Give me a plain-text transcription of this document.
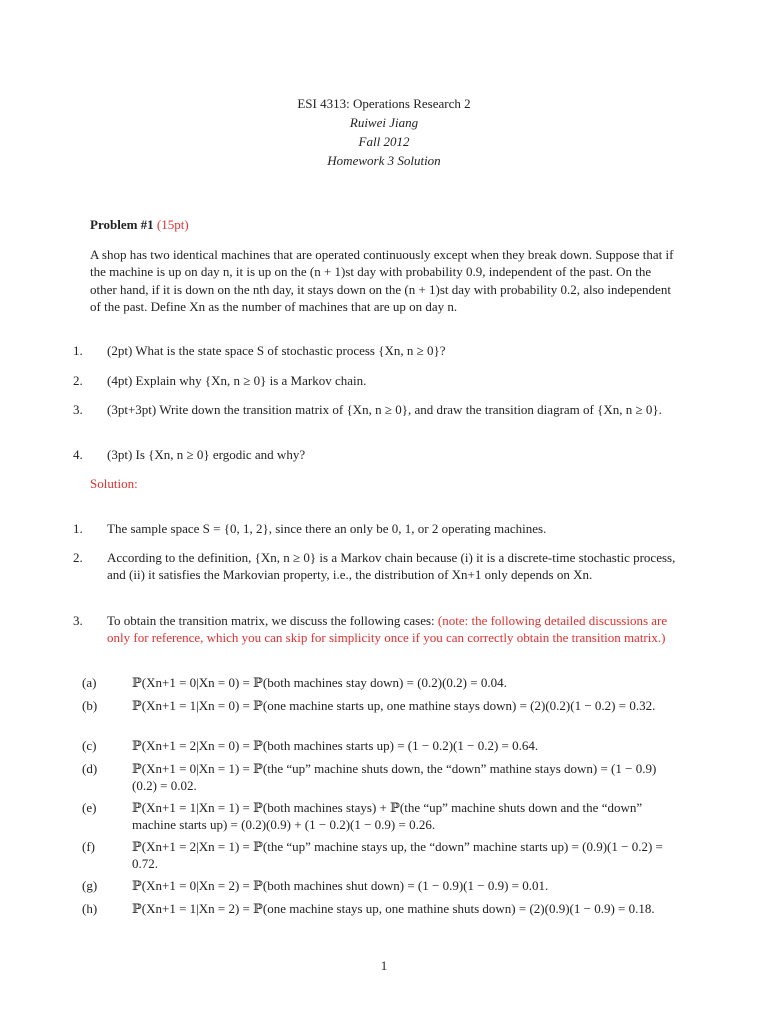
ESI 4313: Operations Research 2
Ruiwei Jiang
Fall 2012
Homework 3 Solution
Problem #1 (15pt)
A shop has two identical machines that are operated continuously except when they break down. Suppose that if the machine is up on day n, it is up on the (n + 1)st day with probability 0.9, independent of the past. On the other hand, if it is down on the nth day, it stays down on the (n + 1)st day with probability 0.2, also independent of the past. Define Xn as the number of machines that are up on day n.
1. (2pt) What is the state space S of stochastic process {Xn, n ≥ 0}?
2. (4pt) Explain why {Xn, n ≥ 0} is a Markov chain.
3. (3pt+3pt) Write down the transition matrix of {Xn, n ≥ 0}, and draw the transition diagram of {Xn, n ≥ 0}.
4. (3pt) Is {Xn, n ≥ 0} ergodic and why?
Solution:
1. The sample space S = {0, 1, 2}, since there an only be 0, 1, or 2 operating machines.
2. According to the definition, {Xn, n ≥ 0} is a Markov chain because (i) it is a discrete-time stochastic process, and (ii) it satisfies the Markovian property, i.e., the distribution of Xn+1 only depends on Xn.
3. To obtain the transition matrix, we discuss the following cases: (note: the following detailed discussions are only for reference, which you can skip for simplicity once if you can correctly obtain the transition matrix.)
(a)	ℙ(Xn+1 = 0|Xn = 0) = ℙ(both machines stay down) = (0.2)(0.2) = 0.04.
(b)	ℙ(Xn+1 = 1|Xn = 0) = ℙ(one machine starts up, one mathine stays down) = (2)(0.2)(1 − 0.2) = 0.32.
(c)	ℙ(Xn+1 = 2|Xn = 0) = ℙ(both machines starts up) = (1 − 0.2)(1 − 0.2) = 0.64.
(d)	ℙ(Xn+1 = 0|Xn = 1) = ℙ(the “up” machine shuts down, the “down” mathine stays down) = (1 − 0.9)(0.2) = 0.02.
(e)	ℙ(Xn+1 = 1|Xn = 1) = ℙ(both machines stays) + ℙ(the “up” machine shuts down and the “down” machine starts up) = (0.2)(0.9) + (1 − 0.2)(1 − 0.9) = 0.26.
(f)	ℙ(Xn+1 = 2|Xn = 1) = ℙ(the “up” machine stays up, the “down” machine starts up) = (0.9)(1 − 0.2) = 0.72.
(g)	ℙ(Xn+1 = 0|Xn = 2) = ℙ(both machines shut down) = (1 − 0.9)(1 − 0.9) = 0.01.
(h)	ℙ(Xn+1 = 1|Xn = 2) = ℙ(one machine stays up, one mathine shuts down) = (2)(0.9)(1 − 0.9) = 0.18.
1
